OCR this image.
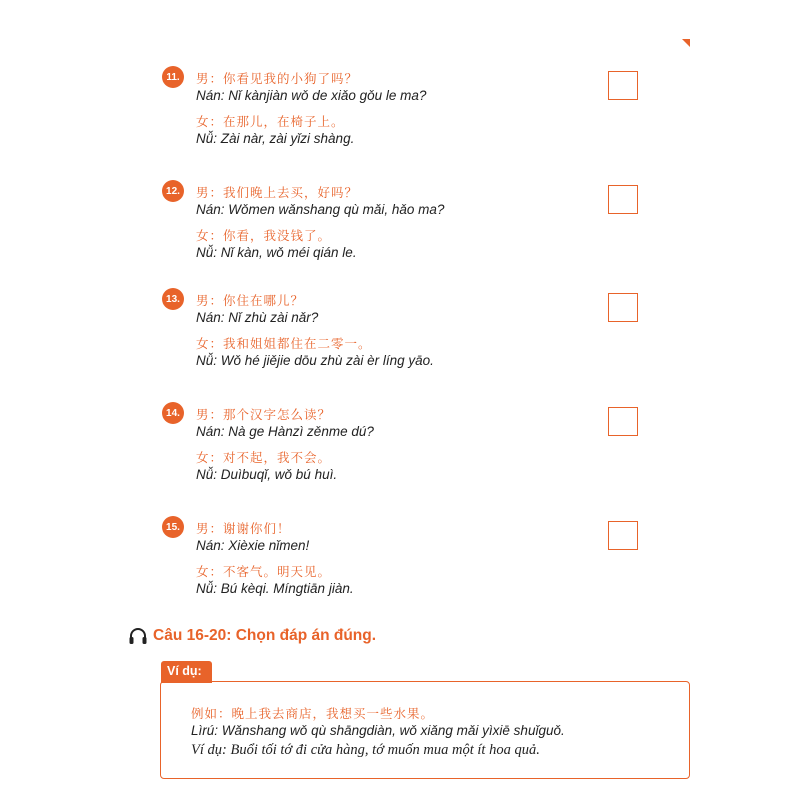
11.	男：你看见我的小狗了吗？
Nán: Nǐ kànjiàn wǒ de xiǎo gǒu le ma?
女：在那儿，在椅子上。
Nǚ: Zài nàr, zài yǐzi shàng.
12.	男：我们晚上去买，好吗？
Nán: Wǒmen wǎnshang qù mǎi, hǎo ma?
女：你看，我没钱了。
Nǚ: Nǐ kàn, wǒ méi qián le.
13.	男：你住在哪儿？
Nán: Nǐ zhù zài nǎr?
女：我和姐姐都住在二零一。
Nǚ: Wǒ hé jiějie dōu zhù zài èr líng yāo.
14.	男：那个汉字怎么读？
Nán: Nà ge Hànzì zěnme dú?
女：对不起，我不会。
Nǚ: Duìbuqǐ, wǒ bú huì.
15.	男：谢谢你们！
Nán: Xièxie nǐmen!
女：不客气。明天见。
Nǚ: Bú kèqi. Míngtiān jiàn.
Câu 16-20: Chọn đáp án đúng.
Ví dụ:
例如：晚上我去商店，我想买一些水果。
Lìrú: Wǎnshang wǒ qù shāngdiàn, wǒ xiǎng mǎi yìxiē shuǐguǒ.
Ví dụ: Buổi tối tớ đi cửa hàng, tớ muốn mua một ít hoa quả.
